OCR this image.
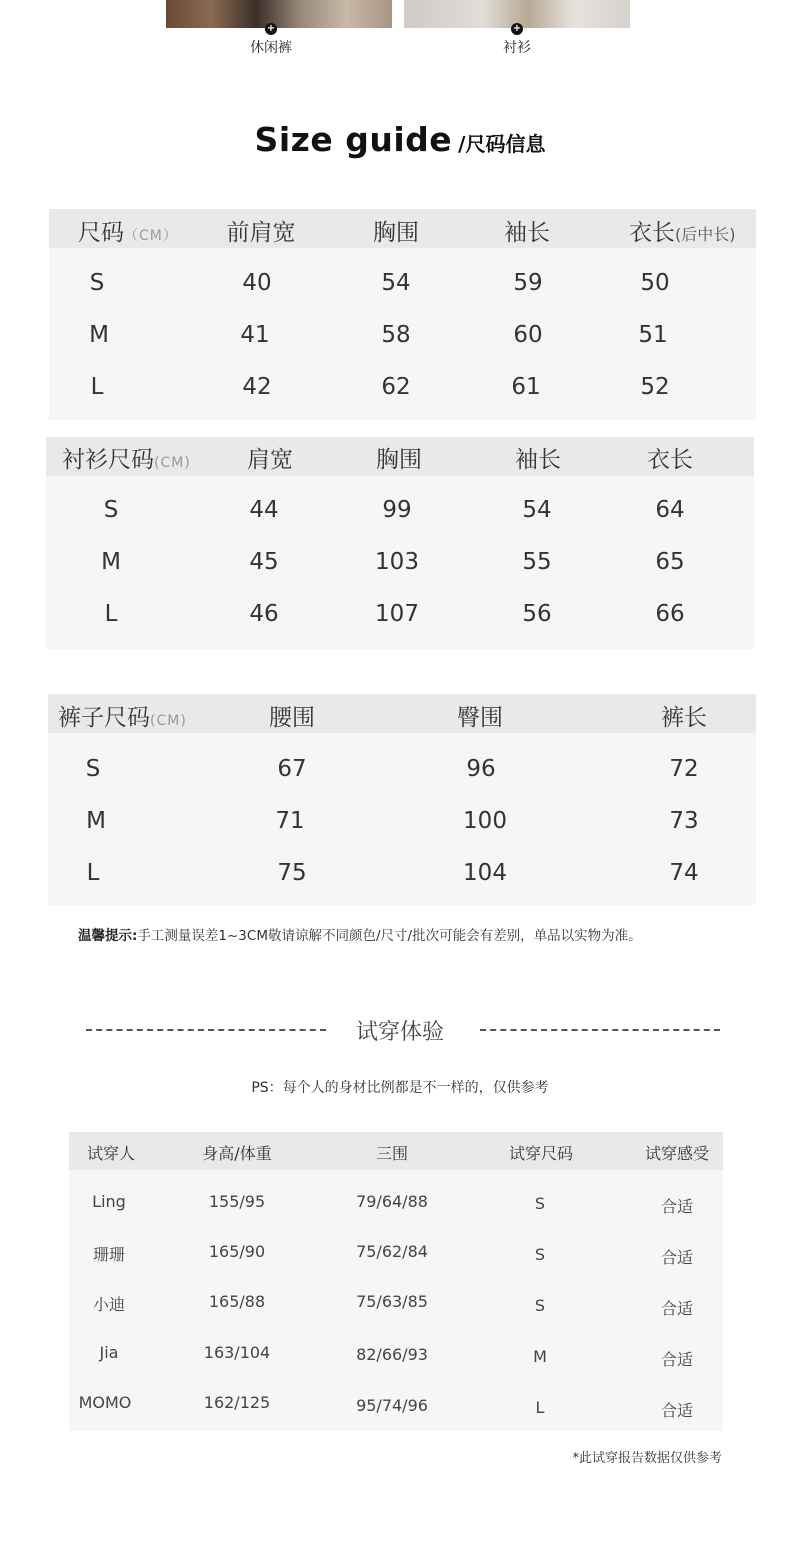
+	+
休闲裤	衬衫
Size guide /尺码信息
尺码（CM）	前肩宽	胸围	袖长	衣长(后中长)
S	40	54	59	50
M	41	58	60	51
L	42	62	61	52
衬衫尺码(CM)	肩宽	胸围	袖长	衣长
S	44	99	54	64
M	45	103	55	65
L	46	107	56	66
裤子尺码(CM)	腰围	臀围	裤长
S	67	96	72
M	71	100	73
L	75	104	74
温馨提示:手工测量误差1~3CM敬请谅解不同颜色/尺寸/批次可能会有差别，单品以实物为准。
试穿体验
PS：每个人的身材比例都是不一样的，仅供参考
试穿人	身高/体重	三围	试穿尺码	试穿感受
Ling	155/95	79/64/88	S	合适
珊珊	165/90	75/62/84	S	合适
小迪	165/88	75/63/85	S	合适
Jia	163/104	82/66/93	M	合适
MOMO	162/125	95/74/96	L	合适
*此试穿报告数据仅供参考
